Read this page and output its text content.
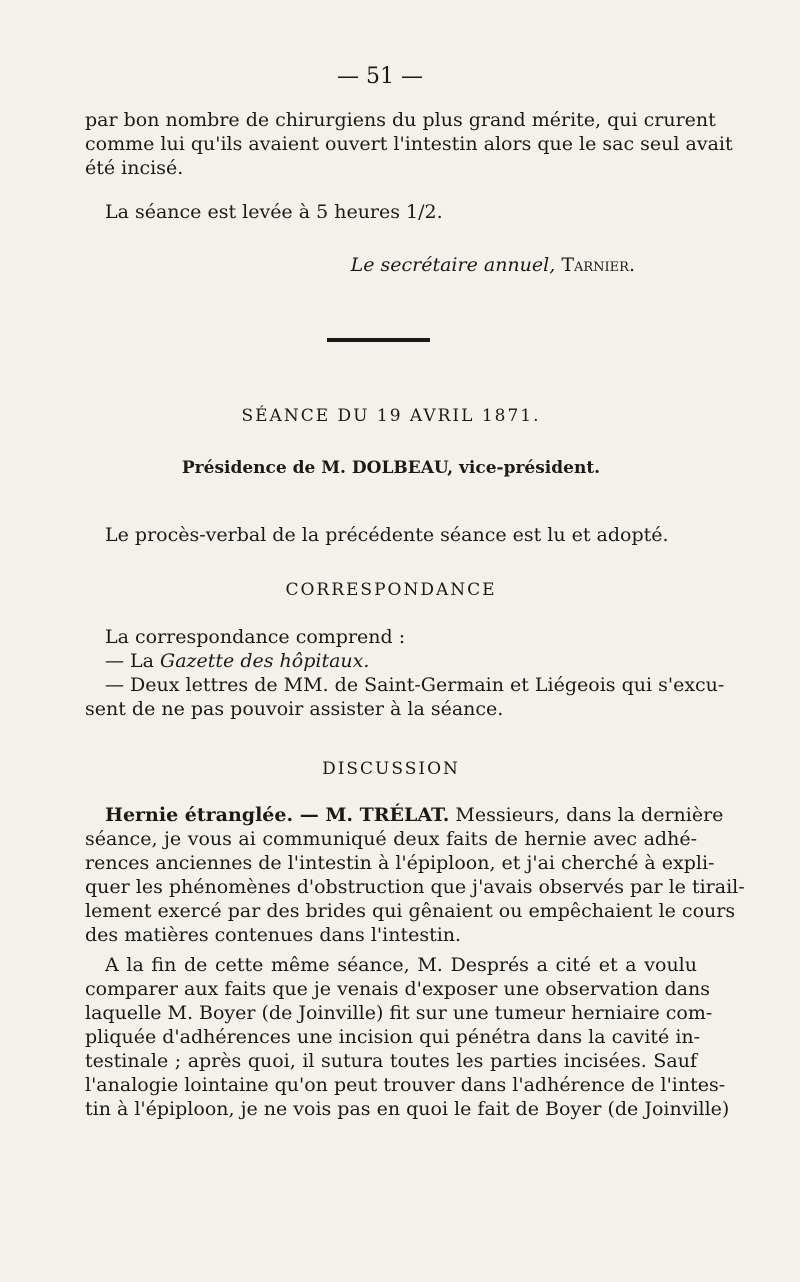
— 51 —
par bon nombre de chirurgiens du plus grand mérite, qui crurent
comme lui qu'ils avaient ouvert l'intestin alors que le sac seul avait
été incisé.
La séance est levée à 5 heures 1/2.
Le secrétaire annuel, Tarnier.
SÉANCE DU 19 AVRIL 1871.
Présidence de M. DOLBEAU, vice-président.
Le procès-verbal de la précédente séance est lu et adopté.
CORRESPONDANCE
La correspondance comprend :
— La Gazette des hôpitaux.
— Deux lettres de MM. de Saint-Germain et Liégeois qui s'excu-
sent de ne pas pouvoir assister à la séance.
DISCUSSION
Hernie étranglée. — M. TRÉLAT. Messieurs, dans la dernière
séance, je vous ai communiqué deux faits de hernie avec adhé-
rences anciennes de l'intestin à l'épiploon, et j'ai cherché à expli-
quer les phénomènes d'obstruction que j'avais observés par le tirail-
lement exercé par des brides qui gênaient ou empêchaient le cours
des matières contenues dans l'intestin.
A la fin de cette même séance, M. Després a cité et a voulu
comparer aux faits que je venais d'exposer une observation dans
laquelle M. Boyer (de Joinville) fit sur une tumeur herniaire com-
pliquée d'adhérences une incision qui pénétra dans la cavité in-
testinale ; après quoi, il sutura toutes les parties incisées. Sauf
l'analogie lointaine qu'on peut trouver dans l'adhérence de l'intes-
tin à l'épiploon, je ne vois pas en quoi le fait de Boyer (de Joinville)
